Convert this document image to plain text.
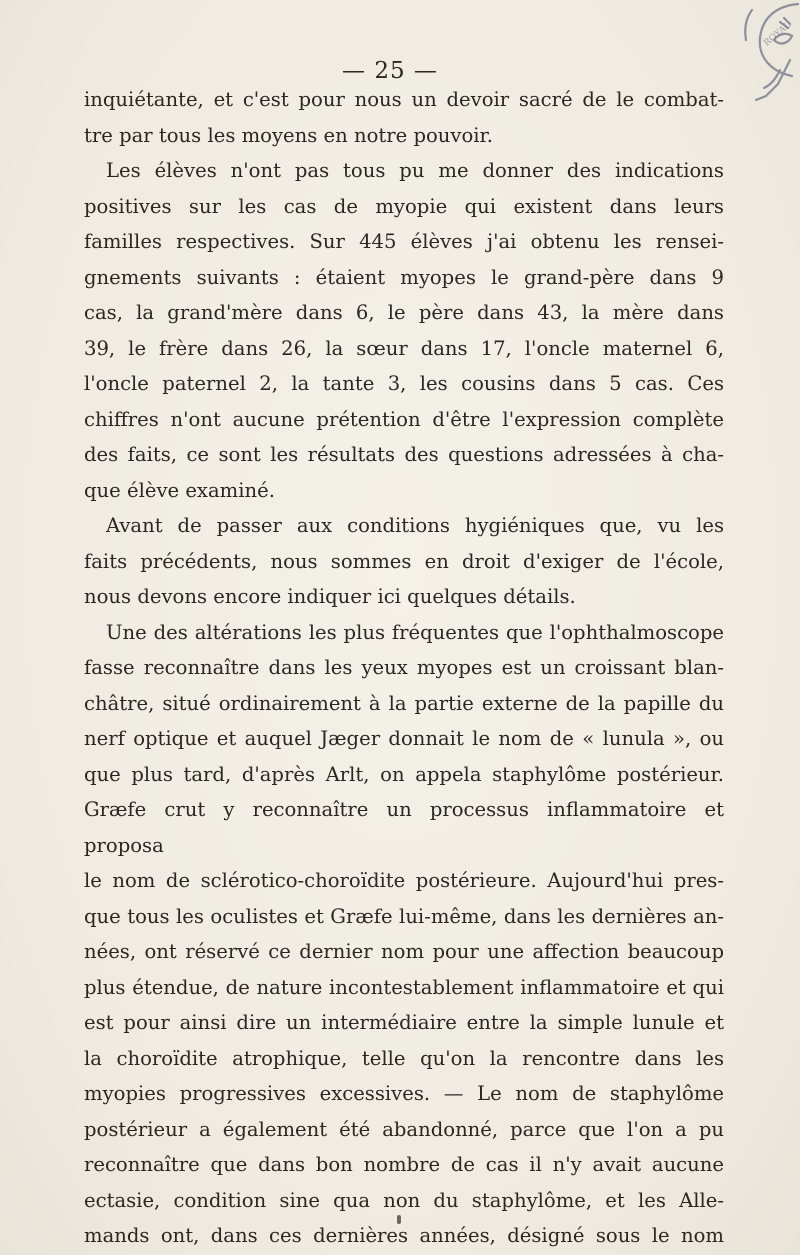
ROYAL
— 25 —

inquiétante, et c'est pour nous un devoir sacré de le combat-

tre par tous les moyens en notre pouvoir.

Les élèves n'ont pas tous pu me donner des indications

positives sur les cas de myopie qui existent dans leurs

familles respectives. Sur 445 élèves j'ai obtenu les rensei-

gnements suivants : étaient myopes le grand-père dans 9

cas, la grand'mère dans 6, le père dans 43, la mère dans

39, le frère dans 26, la sœur dans 17, l'oncle maternel 6,

l'oncle paternel 2, la tante 3, les cousins dans 5 cas. Ces

chiffres n'ont aucune prétention d'être l'expression complète

des faits, ce sont les résultats des questions adressées à cha-

que élève examiné.

Avant de passer aux conditions hygiéniques que, vu les

faits précédents, nous sommes en droit d'exiger de l'école,

nous devons encore indiquer ici quelques détails.

Une des altérations les plus fréquentes que l'ophthalmoscope

fasse reconnaître dans les yeux myopes est un croissant blan-

châtre, situé ordinairement à la partie externe de la papille du

nerf optique et auquel Jæger donnait le nom de « lunula », ou

que plus tard, d'après Arlt, on appela staphylôme postérieur.

Græfe crut y reconnaître un processus inflammatoire et proposa

le nom de sclérotico-choroïdite postérieure. Aujourd'hui pres-

que tous les oculistes et Græfe lui-même, dans les dernières an-

nées, ont réservé ce dernier nom pour une affection beaucoup

plus étendue, de nature incontestablement inflammatoire et qui

est pour ainsi dire un intermédiaire entre la simple lunule et

la choroïdite atrophique, telle qu'on la rencontre dans les

myopies progressives excessives. — Le nom de staphylôme

postérieur a également été abandonné, parce que l'on a pu

reconnaître que dans bon nombre de cas il n'y avait aucune

ectasie, condition sine qua non du staphylôme, et les Alle-

mands ont, dans ces dernières années, désigné sous le nom
